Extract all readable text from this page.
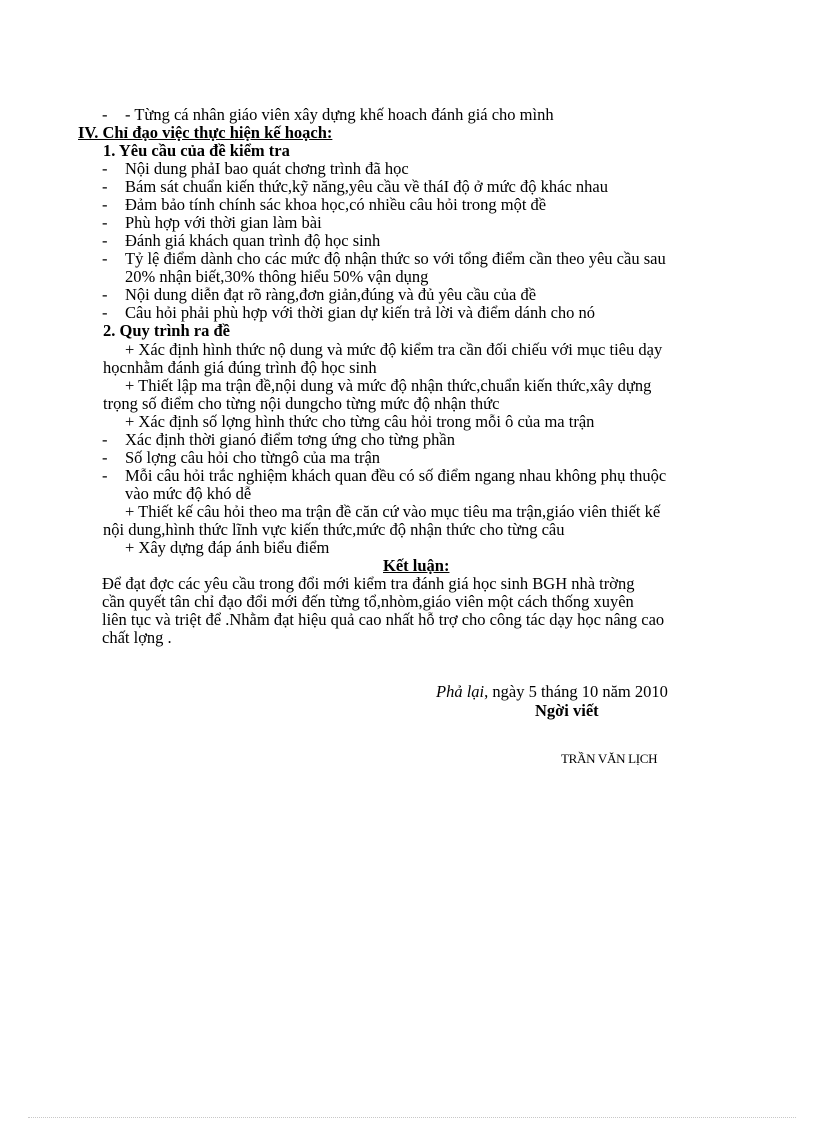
- - Từng cá nhân giáo viên xây dựng khế hoach đánh giá cho mình
IV. Chỉ đạo việc thực hiện kế hoạch:
1. Yêu cầu của đề kiểm tra
- Nội dung phảI bao quát chơng trình đã học
- Bám sát chuẩn kiến thức,kỹ năng,yêu cầu về tháI độ ở mức độ khác nhau
- Đảm bảo tính chính sác khoa học,có nhiều câu hỏi trong một đề
- Phù hợp với thời gian làm bài
- Đánh giá khách quan trình độ học sinh
- Tỷ lệ điểm dành cho các mức độ nhận thức so với tổng điểm cần theo yêu cầu sau
20% nhận biết,30% thông hiểu 50% vận dụng
- Nội dung diễn đạt rõ ràng,đơn giản,đúng và đủ yêu cầu của đề
- Câu hỏi phải phù hợp với thời gian dự kiến trả lời và điểm dánh cho nó
2. Quy trình ra đề
+ Xác định hình thức nộ dung và mức độ kiểm tra cần đối chiếu với mục tiêu dạy
họcnhằm đánh giá đúng trình độ học sinh
+ Thiết lập ma trận đề,nội dung và mức độ nhận thức,chuẩn kiến thức,xây dựng
trọng số điểm cho từng nội dungcho từng mức độ nhận thức
+ Xác định số lợng hình thức cho từng câu hỏi trong mỗi ô của ma trận
- Xác định thời gianó điểm tơng ứng cho từng phần
- Số lợng câu hỏi cho từngô của ma trận
- Mỗi câu hỏi trắc nghiệm khách quan đều có số điểm ngang nhau không phụ thuộc
vào mức độ khó dễ
+ Thiết kế câu hỏi theo ma trận đề căn cứ vào mục tiêu ma trận,giáo viên thiết kế
nội dung,hình thức lĩnh vực kiến thức,mức độ nhận thức cho từng câu
+ Xây dựng đáp ánh biểu điểm
Kết luận:
Để đạt đợc các yêu cầu trong đổi mới kiểm tra đánh giá học sinh BGH nhà trờng
cần quyết tân chỉ đạo đổi mới đến từng tổ,nhòm,giáo viên một cách thống xuyên
liên tục và triệt để .Nhằm đạt hiệu quả cao nhất hỗ trợ cho công tác dạy học nâng cao
chất lợng .
Phả lại, ngày 5 tháng 10 năm 2010
Ngời viết
TRẦN VĂN LỊCH
